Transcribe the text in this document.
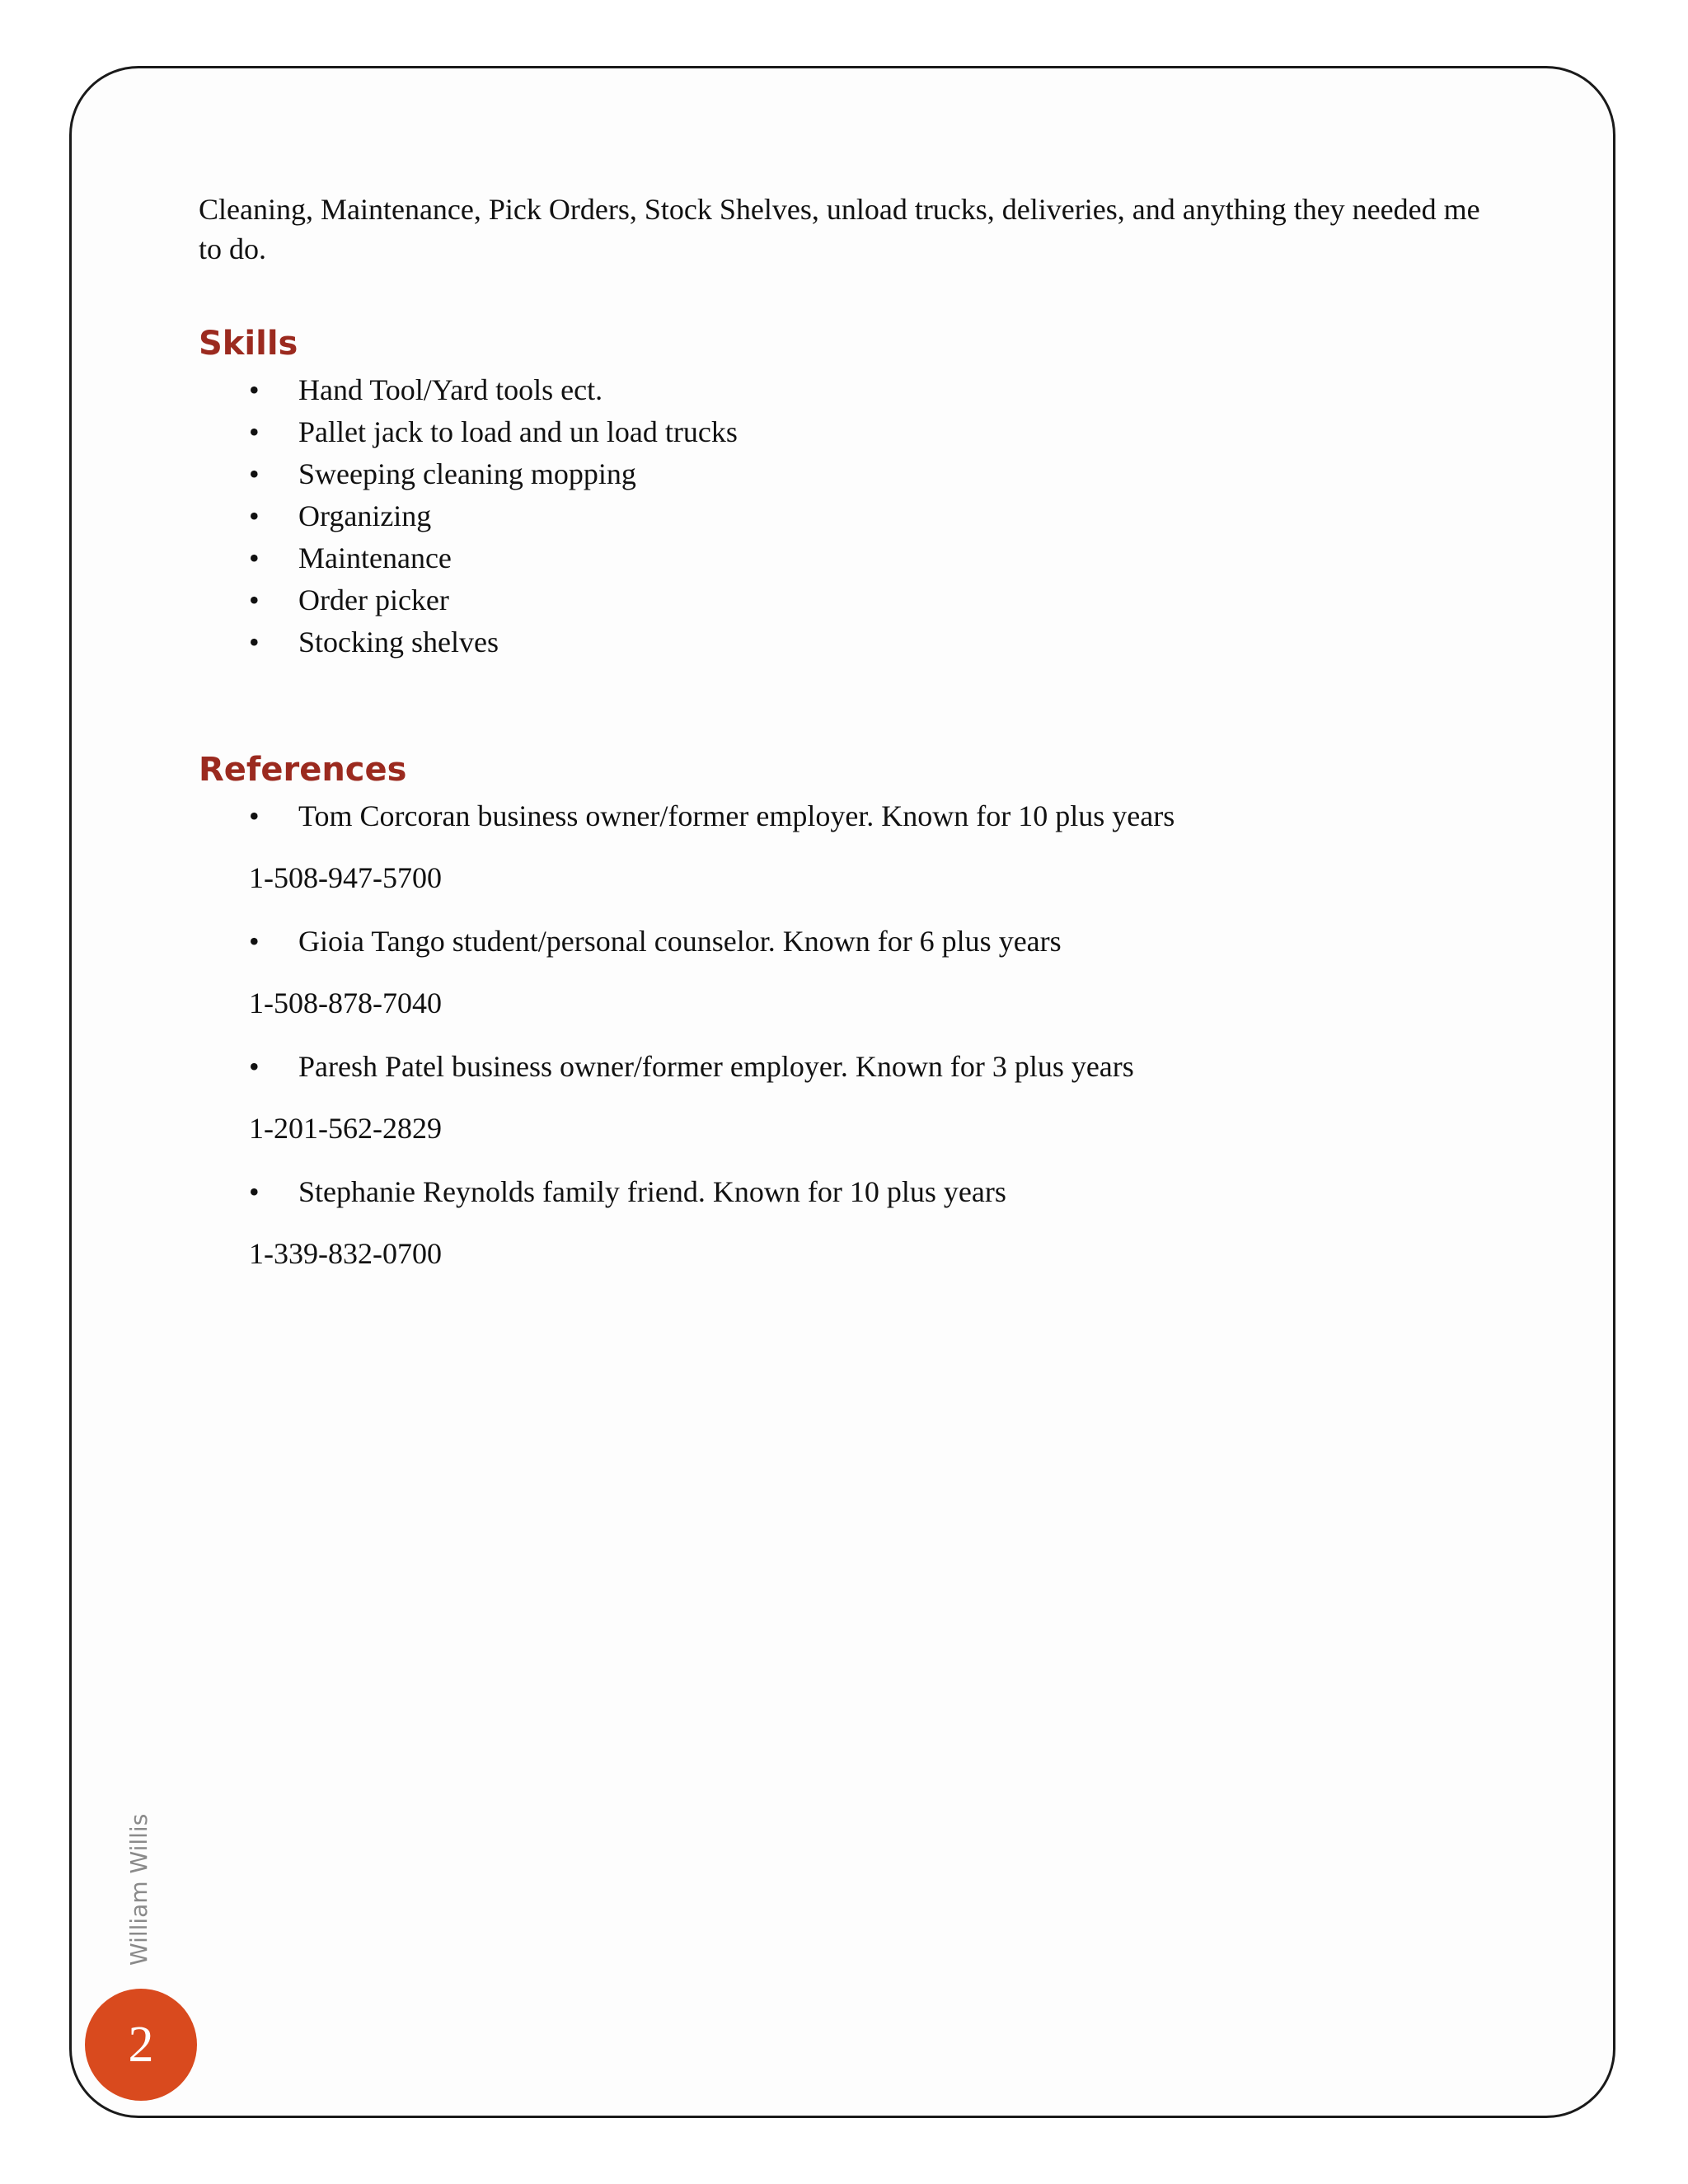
Cleaning, Maintenance, Pick Orders, Stock Shelves, unload trucks, deliveries, and anything they needed me to do.

Skills
• Hand Tool/Yard tools ect.
• Pallet jack to load and un load trucks
• Sweeping cleaning mopping
• Organizing
• Maintenance
• Order picker
• Stocking shelves
References
• Tom Corcoran business owner/former employer. Known for 10 plus years
1-508-947-5700
• Gioia Tango student/personal counselor. Known for 6 plus years
1-508-878-7040
• Paresh Patel business owner/former employer. Known for 3 plus years
1-201-562-2829
• Stephanie Reynolds family friend. Known for 10 plus years
1-339-832-0700
William Willis
2
